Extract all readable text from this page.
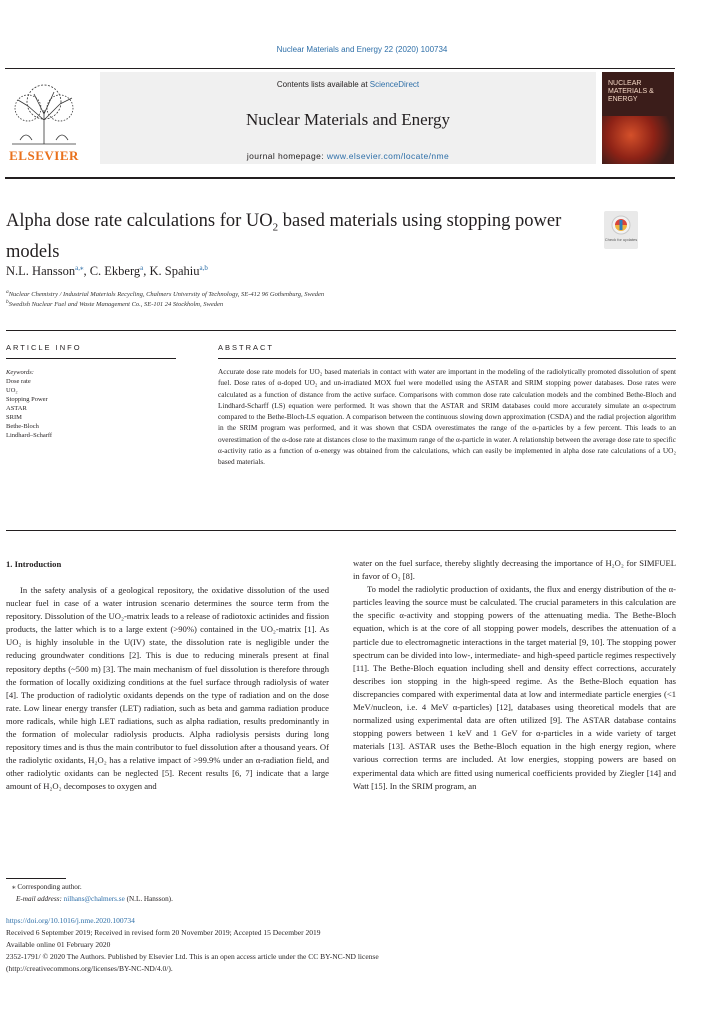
Nuclear Materials and Energy 22 (2020) 100734
ELSEVIER
Contents lists available at ScienceDirect
Nuclear Materials and Energy
journal homepage: www.elsevier.com/locate/nme
NUCLEAR MATERIALS & ENERGY
Alpha dose rate calculations for $UO_2$ based materials using stopping power models
Check for updates
N.L. Hansson$^{a,⁎}$, C. Ekberg$^a$, K. Spahiu$^{a,b}$
$^a$Nuclear Chemistry / Industrial Materials Recycling, Chalmers University of Technology, SE-412 96 Gothenburg, Sweden
$^b$Swedish Nuclear Fuel and Waste Management Co., SE-101 24 Stockholm, Sweden
ARTICLE INFO
Keywords:
Dose rate
UO₂
Stopping Power
ASTAR
SRIM
Bethe-Bloch
Lindhard–Scharff
ABSTRACT
Accurate dose rate models for UO₂ based materials in contact with water are important in the modeling of the radiolytically promoted dissolution of spent fuel. Dose rates of α-doped UO₂ and un-irradiated MOX fuel were modelled using the ASTAR and SRIM stopping power databases. Dose rates were calculated as a function of distance from the active surface. Comparisons with common dose rate calculation models and the combined Bethe-Bloch and Lindhard-Scharff (LS) equation were performed. It was shown that the ASTAR and SRIM databases could more accurately simulate an α-spectrum compared to the Bethe-Bloch-LS equation. A comparison between the continuous slowing down approximation (CSDA) and the radial projection algorithm in the SRIM program was performed, and it was shown that CSDA overestimates the range of the α-particles by a few percent. This leads to an overestimation of the α-dose rate at distances close to the maximum range of the α-particle in water. A relationship between the average dose rate to specific α-activity ratio as a function of α-energy was obtained from the calculations, which can easily be implemented in alpha dose rate calculations of a UO₂ based materials.
1. Introduction

In the safety analysis of a geological repository, the oxidative dissolution of the used nuclear fuel in case of a water intrusion scenario determines the source term from the repository. Dissolution of the UO₂-matrix leads to a release of radiotoxic actinides and fission products, the latter which is to a large extent (>90%) contained in the UO₂-matrix [1]. As UO₂ is highly insoluble in the U(IV) state, the dissolution rate is negligible under the reducing groundwater conditions [2]. This is due to reducing minerals present at final repository depths (~500 m) [3]. The main mechanism of fuel dissolution is therefore through the formation of locally oxidizing conditions at the fuel surface through radiolysis of water [4]. The production of radiolytic oxidants depends on the type of radiation and on the dose rate. Low linear energy transfer (LET) radiation, such as beta and gamma radiation produce more radicals, while high LET radiations, such as alpha radiation, results predominantly in the formation of molecular radiolysis products. Alpha radiolysis persists during long repository times and is thus the main contributor to fuel dissolution after a thousand years. Of the radiolytic oxidants, H₂O₂ has a relative impact of >99.9% under an α-radiation field, and other radiolytic oxidants can be neglected [5]. Recent results [6, 7] indicate that a large amount of H₂O₂ decomposes to oxygen and

water on the fuel surface, thereby slightly decreasing the importance of H₂O₂ for SIMFUEL in favor of O₂ [8].

To model the radiolytic production of oxidants, the flux and energy distribution of the α-particles leaving the source must be calculated. The crucial parameters in this calculation are the specific α-activity and stopping powers of the attenuating media. The Bethe-Bloch equation, which is at the core of all stopping power models, describes the attenuation of a particle due to electromagnetic interactions in the target material [9, 10]. The stopping power spectrum can be divided into low-, intermediate- and high-speed particle regimes respectively [11]. The Bethe-Bloch equation including shell and density effect corrections, accurately describes ion stopping in the high-speed regime. As the Bethe-Bloch equation has discrepancies compared with experimental data at low and intermediate particle energies (<1 MeV/nucleon, i.e. 4 MeV α-particles) [12], databases using theoretical models that are normalized using experimental data are often utilized [9]. The ASTAR database contains stopping powers between 1 keV and 1 GeV for α-particles in a wide variety of target materials [13]. ASTAR uses the Bethe-Bloch equation in the high energy region, where various correction terms are included. At low energies, stopping powers are based on experimental data which are fitted using numerical coefficients provided by Ziegler [14] and Watt [15]. In the SRIM program, an

⁎ Corresponding author.
E-mail address: nilhans@chalmers.se (N.L. Hansson).
https://doi.org/10.1016/j.nme.2020.100734
Received 6 September 2019; Received in revised form 20 November 2019; Accepted 15 December 2019
Available online 01 February 2020
2352-1791/ © 2020 The Authors. Published by Elsevier Ltd. This is an open access article under the CC BY-NC-ND license
(http://creativecommons.org/licenses/BY-NC-ND/4.0/).
